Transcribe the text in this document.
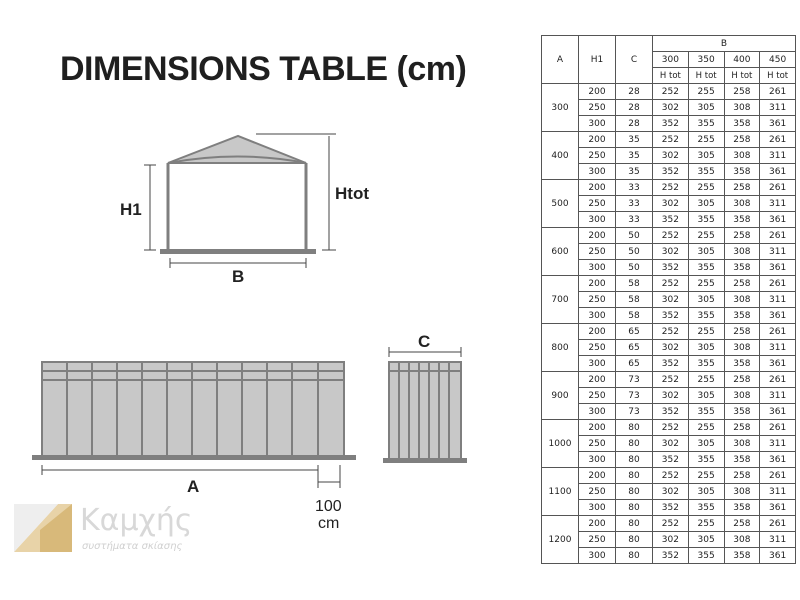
DIMENSIONS TABLE (cm)
H1
Htot
B
A
100
cm
C
Καμχής
συστήματα σκίασης
A	H1	C	B			
			300	350	400	450
			H tot	H tot	H tot	H tot
300	200	28	252	255	258	261
	250	28	302	305	308	311
	300	28	352	355	358	361
400	200	35	252	255	258	261
	250	35	302	305	308	311
	300	35	352	355	358	361
500	200	33	252	255	258	261
	250	33	302	305	308	311
	300	33	352	355	358	361
600	200	50	252	255	258	261
	250	50	302	305	308	311
	300	50	352	355	358	361
700	200	58	252	255	258	261
	250	58	302	305	308	311
	300	58	352	355	358	361
800	200	65	252	255	258	261
	250	65	302	305	308	311
	300	65	352	355	358	361
900	200	73	252	255	258	261
	250	73	302	305	308	311
	300	73	352	355	358	361
1000	200	80	252	255	258	261
	250	80	302	305	308	311
	300	80	352	355	358	361
1100	200	80	252	255	258	261
	250	80	302	305	308	311
	300	80	352	355	358	361
1200	200	80	252	255	258	261
	250	80	302	305	308	311
	300	80	352	355	358	361
